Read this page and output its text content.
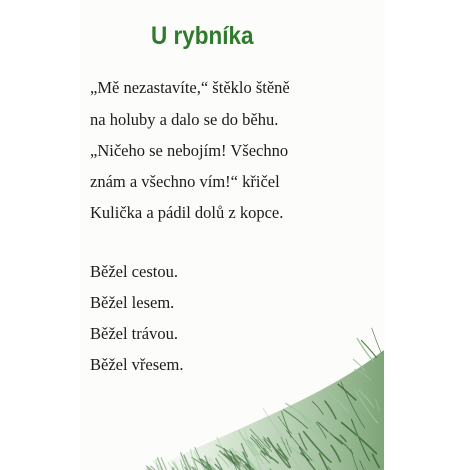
U rybníka

„Mě nezastavíte,“ štěklo štěně

na holuby a dalo se do běhu.

„Ničeho se nebojím! Všechno

znám a všechno vím!“ křičel

Kulička a pádil dolů z kopce.

Běžel cestou.

Běžel lesem.

Běžel trávou.

Běžel vřesem.
